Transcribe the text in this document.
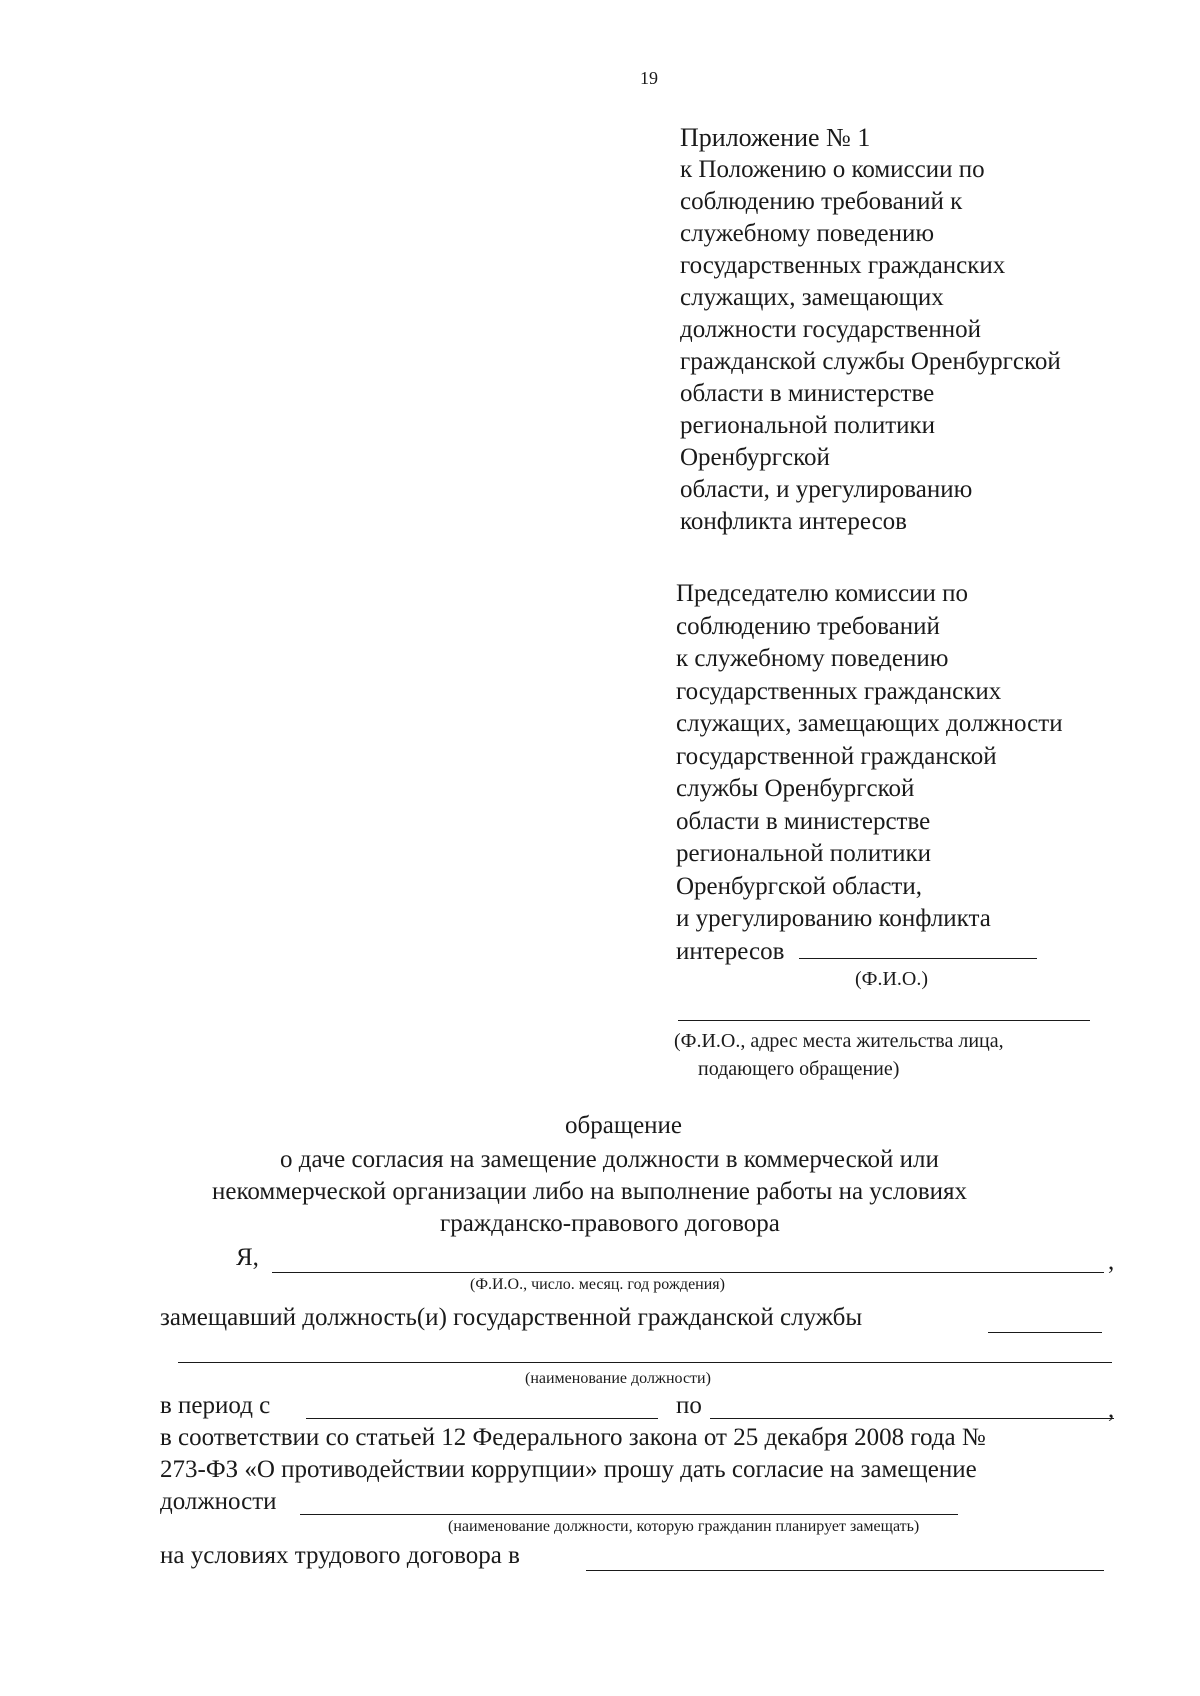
19
Приложение № 1
к Положению о комиссии по
соблюдению требований к
служебному поведению
государственных гражданских
служащих, замещающих
должности государственной
гражданской службы Оренбургской
области в министерстве
региональной политики
Оренбургской
области, и урегулированию
конфликта интересов
Председателю комиссии по
соблюдению требований
к служебному поведению
государственных гражданских
служащих, замещающих должности
государственной гражданской
службы Оренбургской
области в министерстве
региональной политики
Оренбургской области,
и урегулированию конфликта
интересов
(Ф.И.О.)
(Ф.И.О., адрес места жительства лица,
подающего обращение)
обращение
о даче согласия на замещение должности в коммерческой или
некоммерческой организации либо на выполнение работы на условиях
гражданско-правового договора
Я,	,
(Ф.И.О., число. месяц. год рождения)
замещавший должность(и) государственной гражданской службы
(наименование должности)
в период с	по	,
в соответствии со статьей 12 Федерального закона от 25 декабря 2008 года №
273-ФЗ «О противодействии коррупции» прошу дать согласие на замещение
должности
(наименование должности, которую гражданин планирует замещать)
на условиях трудового договора в
